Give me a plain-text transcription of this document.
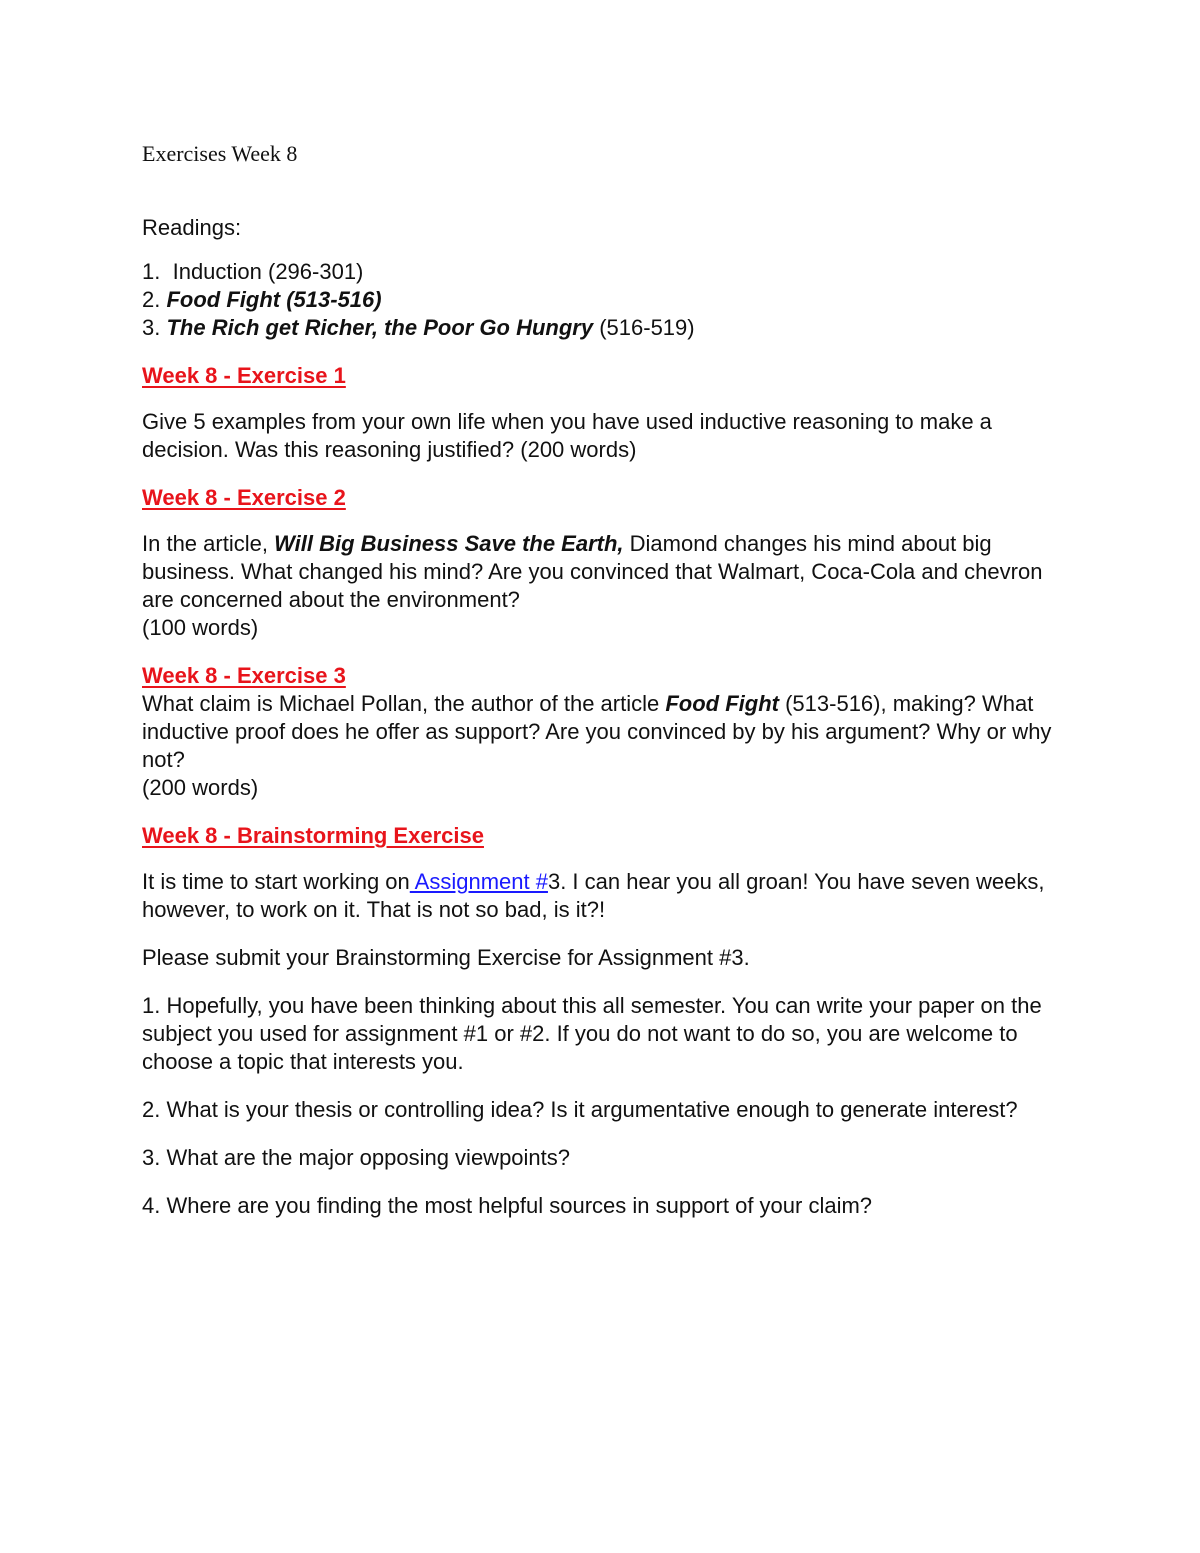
Exercises Week 8

Readings:

1. Induction (296-301)
2. Food Fight (513-516)
3. The Rich get Richer, the Poor Go Hungry (516-519)

Week 8 - Exercise 1

Give 5 examples from your own life when you have used inductive reasoning to make a decision. Was this reasoning justified? (200 words)

Week 8 - Exercise 2

In the article, Will Big Business Save the Earth, Diamond changes his mind about big business. What changed his mind? Are you convinced that Walmart, Coca-Cola and chevron are concerned about the environment?

(100 words)

Week 8 - Exercise 3

What claim is Michael Pollan, the author of the article Food Fight (513-516), making? What inductive proof does he offer as support? Are you convinced by by his argument? Why or why not?

(200 words)

Week 8 - Brainstorming Exercise

It is time to start working on Assignment #3. I can hear you all groan! You have seven weeks, however, to work on it. That is not so bad, is it?!

Please submit your Brainstorming Exercise for Assignment #3.

1. Hopefully, you have been thinking about this all semester. You can write your paper on the subject you used for assignment #1 or #2. If you do not want to do so, you are welcome to choose a topic that interests you.

2. What is your thesis or controlling idea? Is it argumentative enough to generate interest?

3. What are the major opposing viewpoints?

4. Where are you finding the most helpful sources in support of your claim?
